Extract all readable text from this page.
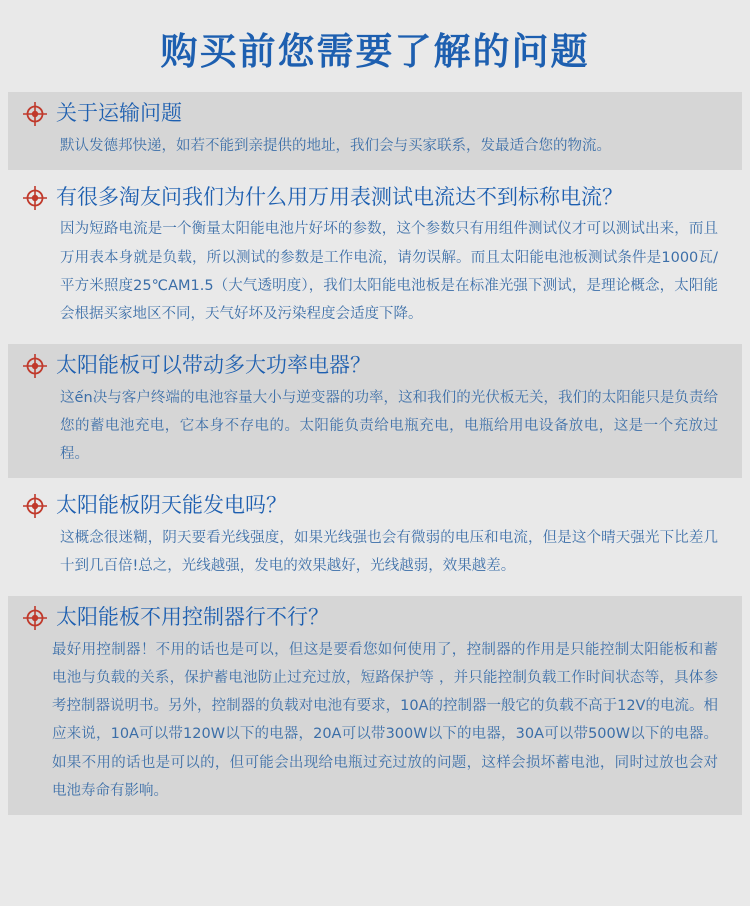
购买前您需要了解的问题
关于运输问题
默认发德邦快递，如若不能到亲提供的地址，我们会与买家联系，发最适合您的物流。
有很多淘友问我们为什么用万用表测试电流达不到标称电流？
因为短路电流是一个衡量太阳能电池片好坏的参数，这个参数只有用组件测试仪才可以测试出来，而且万用表本身就是负载，所以测试的参数是工作电流，请勿误解。而且太阳能电池板测试条件是1000瓦/平方米照度25℃AM1.5（大气透明度），我们太阳能电池板是在标准光强下测试，是理论概念，太阳能会根据买家地区不同，天气好坏及污染程度会适度下降。
太阳能板可以带动多大功率电器？
这ến决与客户终端的电池容量大小与逆变器的功率，这和我们的光伏板无关，我们的太阳能只是负责给您的蓄电池充电，它本身不存电的。太阳能负责给电瓶充电，电瓶给用电设备放电，这是一个充放过程。
太阳能板阴天能发电吗？
这概念很迷糊，阴天要看光线强度，如果光线强也会有微弱的电压和电流，但是这个晴天强光下比差几十到几百倍!总之，光线越强，发电的效果越好，光线越弱，效果越差。
太阳能板不用控制器行不行？
最好用控制器！不用的话也是可以，但这是要看您如何使用了，控制器的作用是只能控制太阳能板和蓄电池与负载的关系，保护蓄电池防止过充过放，短路保护等 ，并只能控制负载工作时间状态等，具体参考控制器说明书。另外，控制器的负载对电池有要求，10A的控制器一般它的负载不高于12V的电流。相应来说，10A可以带120W以下的电器，20A可以带300W以下的电器，30A可以带500W以下的电器。如果不用的话也是可以的，但可能会出现给电瓶过充过放的问题，这样会损坏蓄电池，同时过放也会对电池寿命有影响。
